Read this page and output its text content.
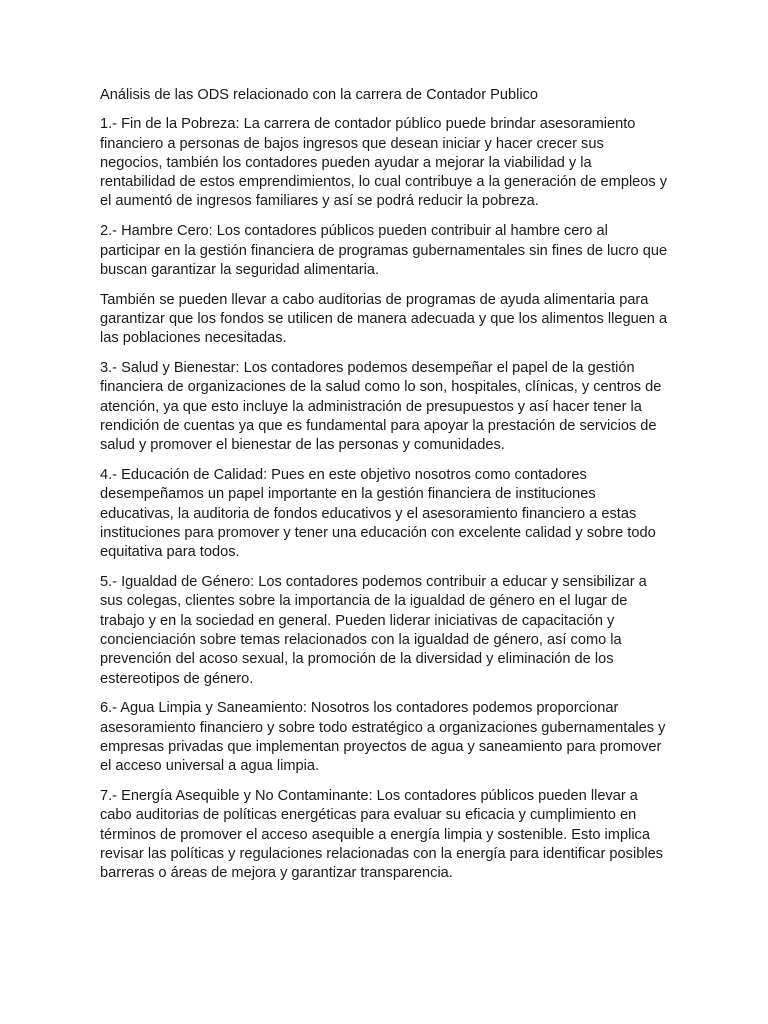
Análisis de las ODS relacionado con la carrera de Contador Publico

1.- Fin de la Pobreza: La carrera de contador público puede brindar asesoramiento financiero a personas de bajos ingresos que desean iniciar y hacer crecer sus negocios, también los contadores pueden ayudar a mejorar la viabilidad y la rentabilidad de estos emprendimientos, lo cual contribuye a la generación de empleos y el aumentó de ingresos familiares y así se podrá reducir la pobreza.

2.- Hambre Cero: Los contadores públicos pueden contribuir al hambre cero al participar en la gestión financiera de programas gubernamentales sin fines de lucro que buscan garantizar la seguridad alimentaria.

También se pueden llevar a cabo auditorias de programas de ayuda alimentaria para garantizar que los fondos se utilicen de manera adecuada y que los alimentos lleguen a las poblaciones necesitadas.

3.- Salud y Bienestar: Los contadores podemos desempeñar el papel de la gestión financiera de organizaciones de la salud como lo son, hospitales, clínicas, y centros de atención, ya que esto incluye la administración de presupuestos y así hacer tener la rendición de cuentas ya que es fundamental para apoyar la prestación de servicios de salud y promover el bienestar de las personas y comunidades.

4.- Educación de Calidad: Pues en este objetivo nosotros como contadores desempeñamos un papel importante en la gestión financiera de instituciones educativas, la auditoria de fondos educativos y el asesoramiento financiero a estas instituciones para promover y tener una educación con excelente calidad y sobre todo equitativa para todos.

5.- Igualdad de Género: Los contadores podemos contribuir a educar y sensibilizar a sus colegas, clientes sobre la importancia de la igualdad de género en el lugar de trabajo y en la sociedad en general. Pueden liderar iniciativas de capacitación y concienciación sobre temas relacionados con la igualdad de género, así como la prevención del acoso sexual, la promoción de la diversidad y eliminación de los estereotipos de género.

6.- Agua Limpia y Saneamiento: Nosotros los contadores podemos proporcionar asesoramiento financiero y sobre todo estratégico a organizaciones gubernamentales y empresas privadas que implementan proyectos de agua y saneamiento para promover el acceso universal a agua limpia.

7.- Energía Asequible y No Contaminante: Los contadores públicos pueden llevar a cabo auditorias de políticas energéticas para evaluar su eficacia y cumplimiento en términos de promover el acceso asequible a energía limpia y sostenible. Esto implica revisar las políticas y regulaciones relacionadas con la energía para identificar posibles barreras o áreas de mejora y garantizar transparencia.
